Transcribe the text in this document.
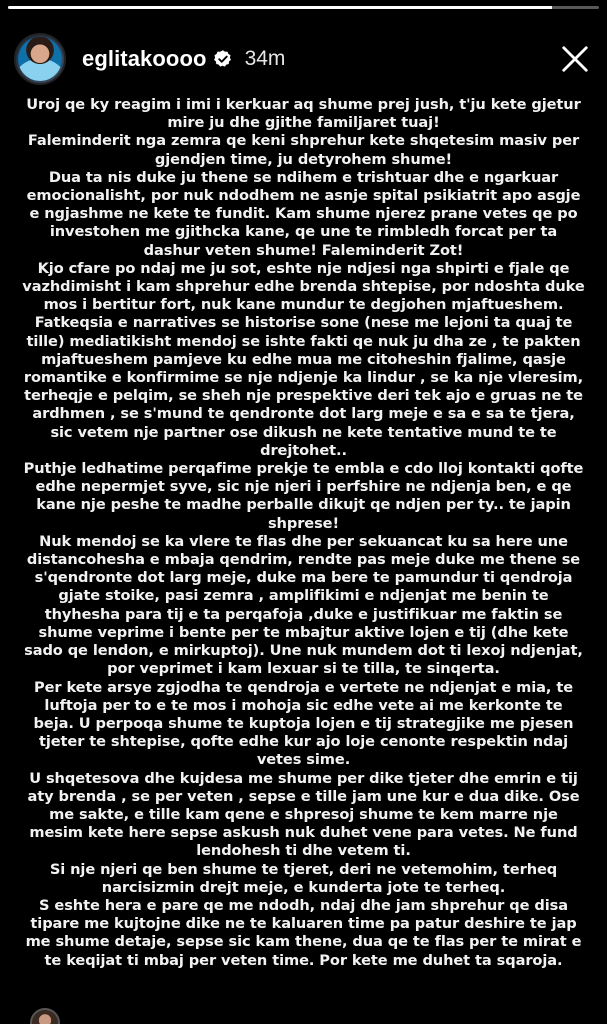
eglitakoooo 34m

Uroj qe ky reagim i imi i kerkuar aq shume prej jush, t'ju kete gjetur mire ju dhe gjithe familjaret tuaj!

Faleminderit nga zemra qe keni shprehur kete shqetesim masiv per gjendjen time, ju detyrohem shume!

Dua ta nis duke ju thene se ndihem e trishtuar dhe e ngarkuar emocionalisht, por nuk ndodhem ne asnje spital psikiatrit apo asgje e ngjashme ne kete te fundit. Kam shume njerez prane vetes qe po investohen me gjithcka kane, qe une te rimbledh forcat per ta dashur veten shume! Faleminderit Zot!

Kjo cfare po ndaj me ju sot, eshte nje ndjesi nga shpirti e fjale qe vazhdimisht i kam shprehur edhe brenda shtepise, por ndoshta duke mos i bertitur fort, nuk kane mundur te degjohen mjaftueshem.

Fatkeqsia e narratives se historise sone (nese me lejoni ta quaj te tille) mediatikisht mendoj se ishte fakti qe nuk ju dha ze , te pakten mjaftueshem pamjeve ku edhe mua me citoheshin fjalime, qasje romantike e konfirmime se nje ndjenje ka lindur , se ka nje vleresim, terheqje e pelqim, se sheh nje prespektive deri tek ajo e gruas ne te ardhmen , se s'mund te qendronte dot larg meje e sa e sa te tjera, sic vetem nje partner ose dikush ne kete tentative mund te te drejtohet..

Puthje ledhatime perqafime prekje te embla e cdo lloj kontakti qofte edhe nepermjet syve, sic nje njeri i perfshire ne ndjenja ben, e qe kane nje peshe te madhe perballe dikujt qe ndjen per ty.. te japin shprese!

Nuk mendoj se ka vlere te flas dhe per sekuancat ku sa here une distancohesha e mbaja qendrim, rendte pas meje duke me thene se s'qendronte dot larg meje, duke ma bere te pamundur ti qendroja gjate stoike, pasi zemra , amplifikimi e ndjenjat me benin te thyhesha para tij e ta perqafoja ,duke e justifikuar me faktin se shume veprime i bente per te mbajtur aktive lojen e tij (dhe kete sado qe lendon, e mirkuptoj). Une nuk mundem dot ti lexoj ndjenjat, por veprimet i kam lexuar si te tilla, te sinqerta.

Per kete arsye zgjodha te qendroja e vertete ne ndjenjat e mia, te luftoja per to e te mos i mohoja sic edhe vete ai me kerkonte te beja. U perpoqa shume te kuptoja lojen e tij strategjike me pjesen tjeter te shtepise, qofte edhe kur ajo loje cenonte respektin ndaj vetes sime.

U shqetesova dhe kujdesa me shume per dike tjeter dhe emrin e tij aty brenda , se per veten , sepse e tille jam une kur e dua dike. Ose me sakte, e tille kam qene e shpresoj shume te kem marre nje mesim kete here sepse askush nuk duhet vene para vetes. Ne fund lendohesh ti dhe vetem ti.

Si nje njeri qe ben shume te tjeret, deri ne vetemohim, terheq narcisizmin drejt meje, e kunderta jote te terheq.

S eshte hera e pare qe me ndodh, ndaj dhe jam shprehur qe disa tipare me kujtojne dike ne te kaluaren time pa patur deshire te jap me shume detaje, sepse sic kam thene, dua qe te flas per te mirat e te keqijat ti mbaj per veten time. Por kete me duhet ta sqaroja.
